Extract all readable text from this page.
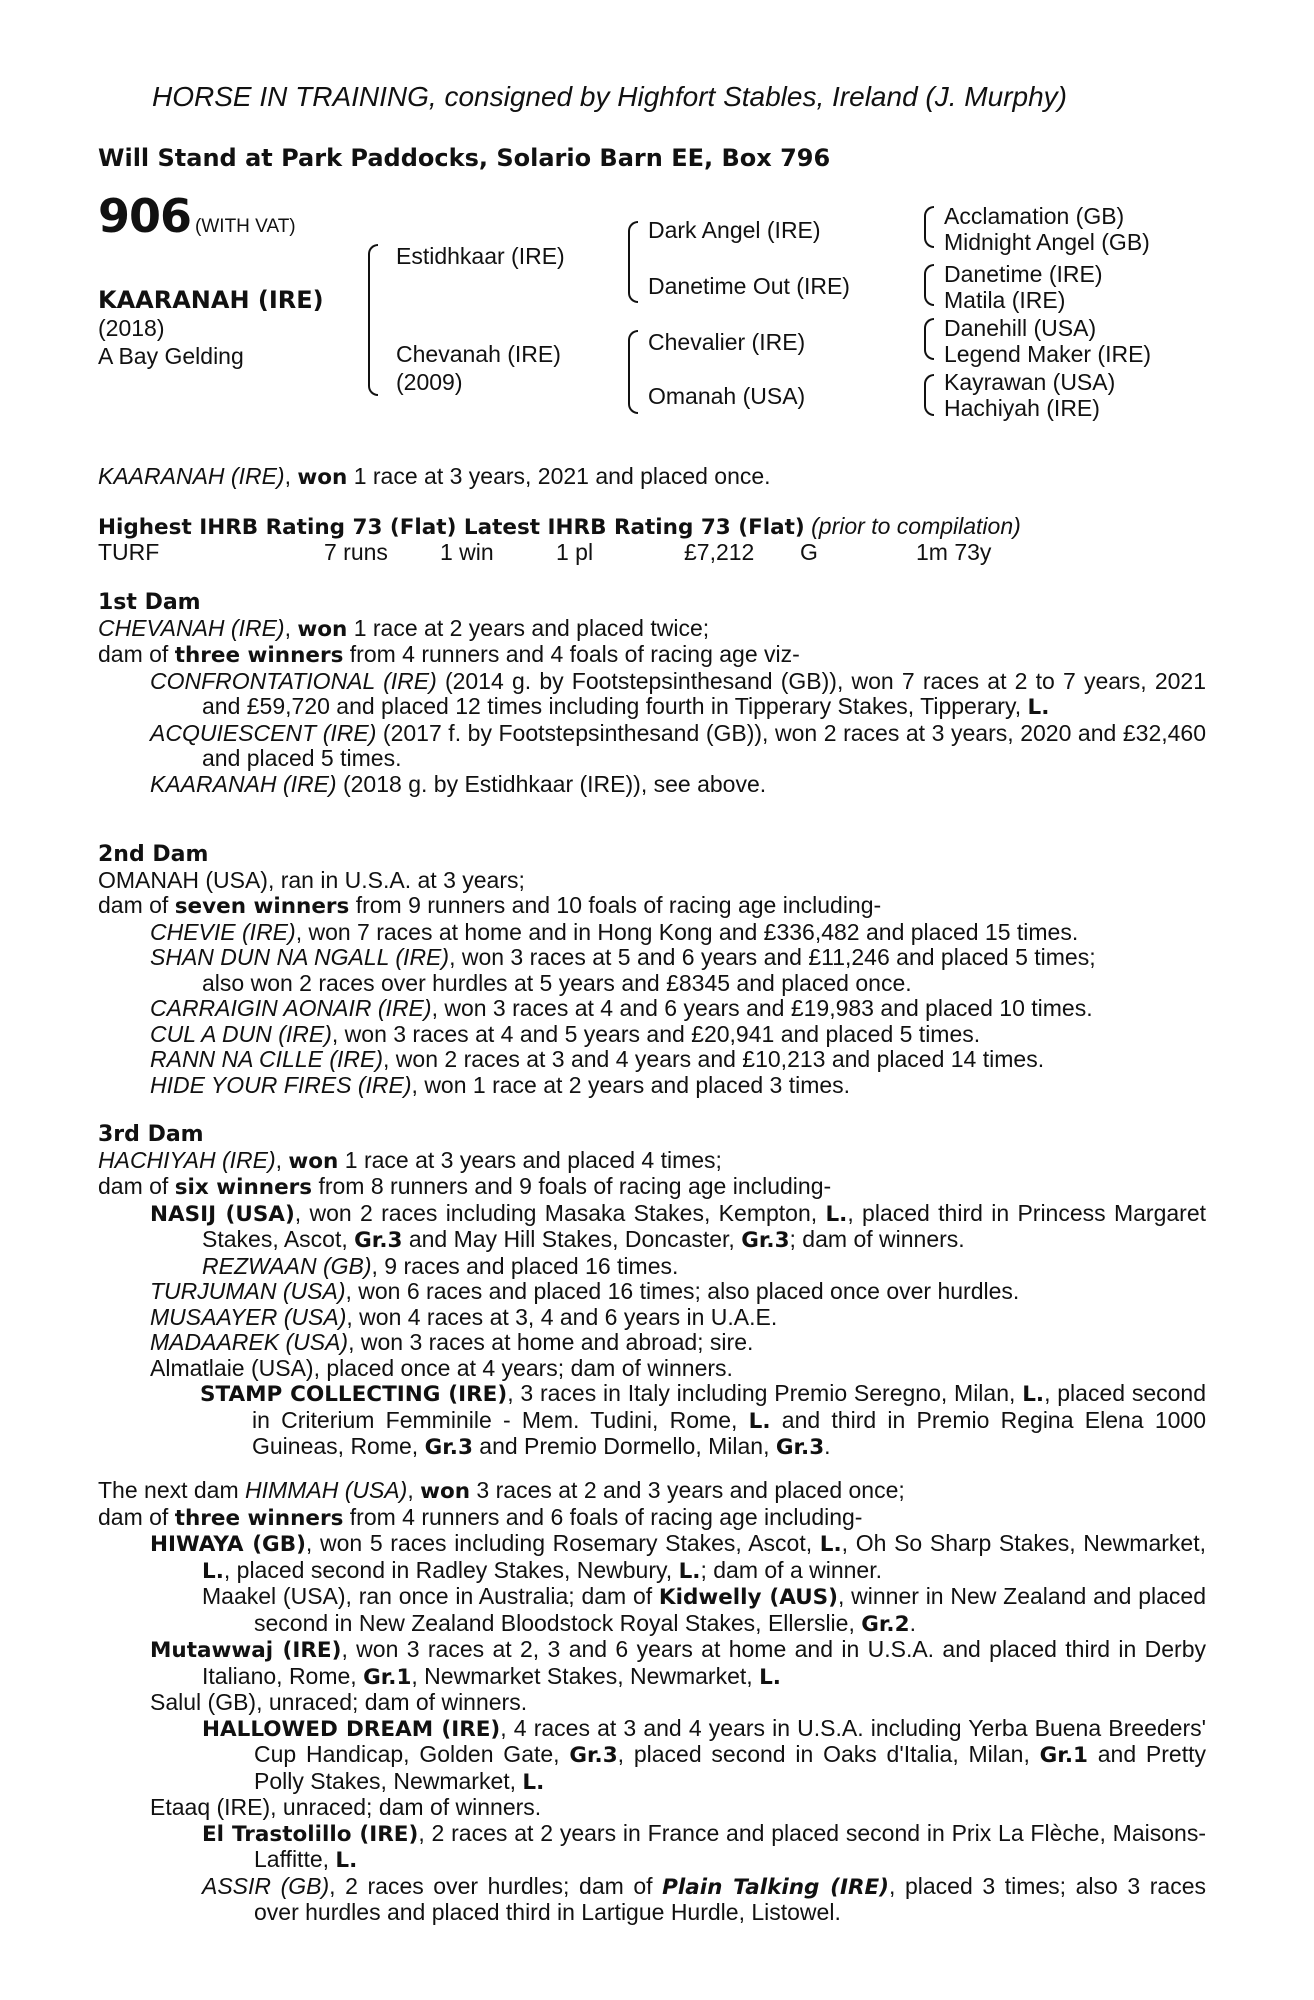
HORSE IN TRAINING, consigned by Highfort Stables, Ireland (J. Murphy)
Will Stand at Park Paddocks, Solario Barn EE, Box 796
906 (WITH VAT)
KAARANAH (IRE)
(2018)
A Bay Gelding
Estidhkaar (IRE)
Chevanah (IRE)
(2009)
Dark Angel (IRE)
Danetime Out (IRE)
Chevalier (IRE)
Omanah (USA)
Acclamation (GB)
Midnight Angel (GB)
Danetime (IRE)
Matila (IRE)
Danehill (USA)
Legend Maker (IRE)
Kayrawan (USA)
Hachiyah (IRE)

KAARANAH (IRE), won 1 race at 3 years, 2021 and placed once.

Highest IHRB Rating 73 (Flat) Latest IHRB Rating 73 (Flat) (prior to compilation)

TURF	7 runs 1 win	1 pl	£7,212 G	1m 73y

1st Dam

CHEVANAH (IRE), won 1 race at 2 years and placed twice;

dam of three winners from 4 runners and 4 foals of racing age viz-

CONFRONTATIONAL (IRE) (2014 g. by Footstepsinthesand (GB)), won 7 races at 2 to 7 years, 2021 and £59,720 and placed 12 times including fourth in Tipperary Stakes, Tipperary, L.

ACQUIESCENT (IRE) (2017 f. by Footstepsinthesand (GB)), won 2 races at 3 years, 2020 and £32,460 and placed 5 times.

KAARANAH (IRE) (2018 g. by Estidhkaar (IRE)), see above.

2nd Dam

OMANAH (USA), ran in U.S.A. at 3 years;

dam of seven winners from 9 runners and 10 foals of racing age including-

CHEVIE (IRE), won 7 races at home and in Hong Kong and £336,482 and placed 15 times.

SHAN DUN NA NGALL (IRE), won 3 races at 5 and 6 years and £11,246 and placed 5 times;

also won 2 races over hurdles at 5 years and £8345 and placed once.

CARRAIGIN AONAIR (IRE), won 3 races at 4 and 6 years and £19,983 and placed 10 times.

CUL A DUN (IRE), won 3 races at 4 and 5 years and £20,941 and placed 5 times.

RANN NA CILLE (IRE), won 2 races at 3 and 4 years and £10,213 and placed 14 times.

HIDE YOUR FIRES (IRE), won 1 race at 2 years and placed 3 times.

3rd Dam

HACHIYAH (IRE), won 1 race at 3 years and placed 4 times;

dam of six winners from 8 runners and 9 foals of racing age including-

NASIJ (USA), won 2 races including Masaka Stakes, Kempton, L., placed third in Princess Margaret Stakes, Ascot, Gr.3 and May Hill Stakes, Doncaster, Gr.3; dam of winners.

REZWAAN (GB), 9 races and placed 16 times.

TURJUMAN (USA), won 6 races and placed 16 times; also placed once over hurdles.

MUSAAYER (USA), won 4 races at 3, 4 and 6 years in U.A.E.

MADAAREK (USA), won 3 races at home and abroad; sire.

Almatlaie (USA), placed once at 4 years; dam of winners.

STAMP COLLECTING (IRE), 3 races in Italy including Premio Seregno, Milan, L., placed second in Criterium Femminile - Mem. Tudini, Rome, L. and third in Premio Regina Elena 1000 Guineas, Rome, Gr.3 and Premio Dormello, Milan, Gr.3.

The next dam HIMMAH (USA), won 3 races at 2 and 3 years and placed once;

dam of three winners from 4 runners and 6 foals of racing age including-

HIWAYA (GB), won 5 races including Rosemary Stakes, Ascot, L., Oh So Sharp Stakes, Newmarket, L., placed second in Radley Stakes, Newbury, L.; dam of a winner.

Maakel (USA), ran once in Australia; dam of Kidwelly (AUS), winner in New Zealand and placed second in New Zealand Bloodstock Royal Stakes, Ellerslie, Gr.2.

Mutawwaj (IRE), won 3 races at 2, 3 and 6 years at home and in U.S.A. and placed third in Derby Italiano, Rome, Gr.1, Newmarket Stakes, Newmarket, L.

Salul (GB), unraced; dam of winners.

HALLOWED DREAM (IRE), 4 races at 3 and 4 years in U.S.A. including Yerba Buena Breeders' Cup Handicap, Golden Gate, Gr.3, placed second in Oaks d'Italia, Milan, Gr.1 and Pretty Polly Stakes, Newmarket, L.

Etaaq (IRE), unraced; dam of winners.

El Trastolillo (IRE), 2 races at 2 years in France and placed second in Prix La Flèche, Maisons-Laffitte, L.

ASSIR (GB), 2 races over hurdles; dam of Plain Talking (IRE), placed 3 times; also 3 races over hurdles and placed third in Lartigue Hurdle, Listowel.
